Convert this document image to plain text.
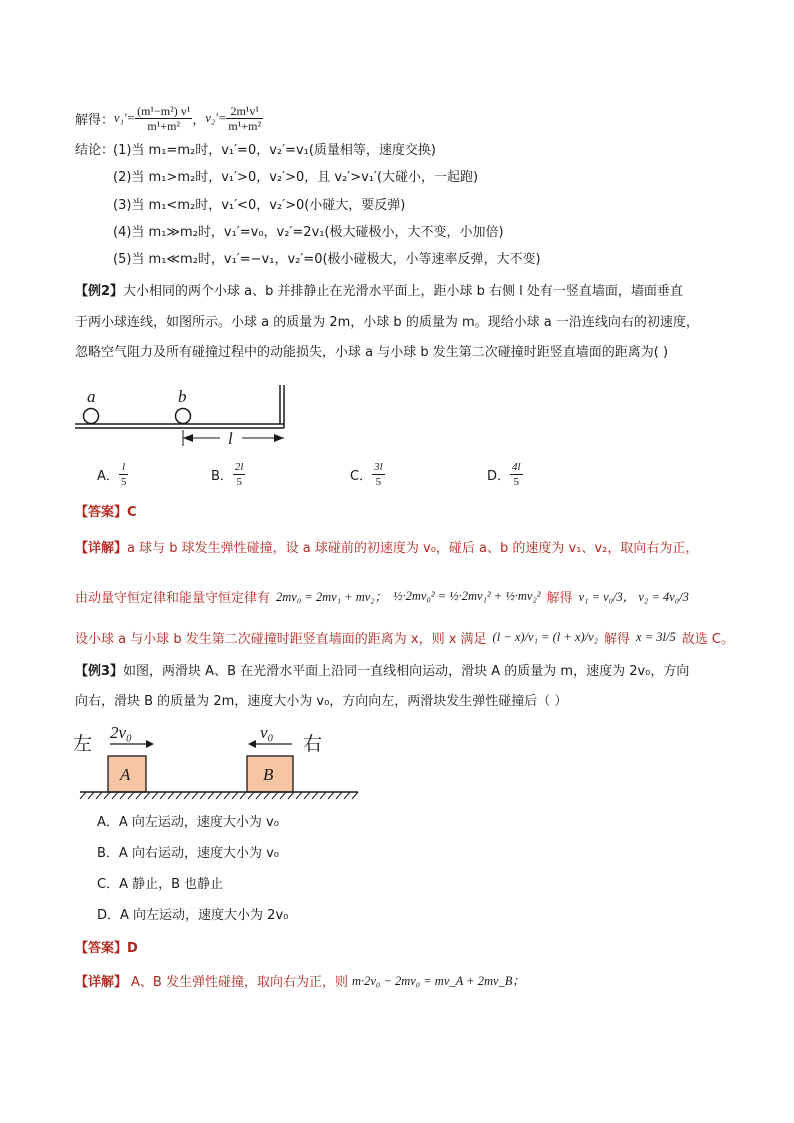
解得： $v_1'= \frac{\text{(m¹−m²) v¹}}{\text{m¹+m²}}$ ， $v_2'= \frac{\text{2m¹v¹}}{\text{m¹+m²}}$
结论：
(1)当 m₁=m₂时，v₁′=0，v₂′=v₁(质量相等，速度交换)
(2)当 m₁>m₂时，v₁′>0，v₂′>0，且 v₂′>v₁′(大碰小，一起跑)
(3)当 m₁<m₂时，v₁′<0，v₂′>0(小碰大，要反弹)
(4)当 m₁≫m₂时，v₁′=v₀，v₂′=2v₁(极大碰极小，大不变，小加倍)
(5)当 m₁≪m₂时，v₁′=−v₁，v₂′=0(极小碰极大，小等速率反弹，大不变)
【例2】大小相同的两个小球 a、b 并排静止在光滑水平面上，距小球 b 右侧 l 处有一竖直墙面，墙面垂直
于两小球连线，如图所示。小球 a 的质量为 2m，小球 b 的质量为 m。现给小球 a 一沿连线向右的初速度，
忽略空气阻力及所有碰撞过程中的动能损失，小球 a 与小球 b 发生第二次碰撞时距竖直墙面的距离为( )
a	b
l
A． $\frac{l}{5}$	B． $\frac{2l}{5}$	C． $\frac{3l}{5}$	D． $\frac{4l}{5}$
【答案】C
【详解】a 球与 b 球发生弹性碰撞，设 a 球碰前的初速度为 v₀，碰后 a、b 的速度为 v₁、v₂，取向右为正，
由动量守恒定律和能量守恒定律有 2mv₀ = 2mv₁ + mv₂； ½·2mv₀² = ½·2mv₁² + ½·mv₂² 解得 v₁ = v₀/3， v₂ = 4v₀/3
设小球 a 与小球 b 发生第二次碰撞时距竖直墙面的距离为 x，则 x 满足 (l − x)/v₁ = (l + x)/v₂ 解得 x = 3l/5 故选 C。
【例3】如图，两滑块 A、B 在光滑水平面上沿同一直线相向运动，滑块 A 的质量为 m，速度为 2v₀，方向
向右，滑块 B 的质量为 2m，速度大小为 v₀，方向向左，两滑块发生弹性碰撞后（ ）
左	右
2v₀	v₀
A	B
A．A 向左运动，速度大小为 v₀
B．A 向右运动，速度大小为 v₀
C．A 静止，B 也静止
D．A 向左运动，速度大小为 2v₀
【答案】D
【详解】 A、B 发生弹性碰撞，取向右为正，则 m·2v₀ − 2mv₀ = mv_A + 2mv_B；
